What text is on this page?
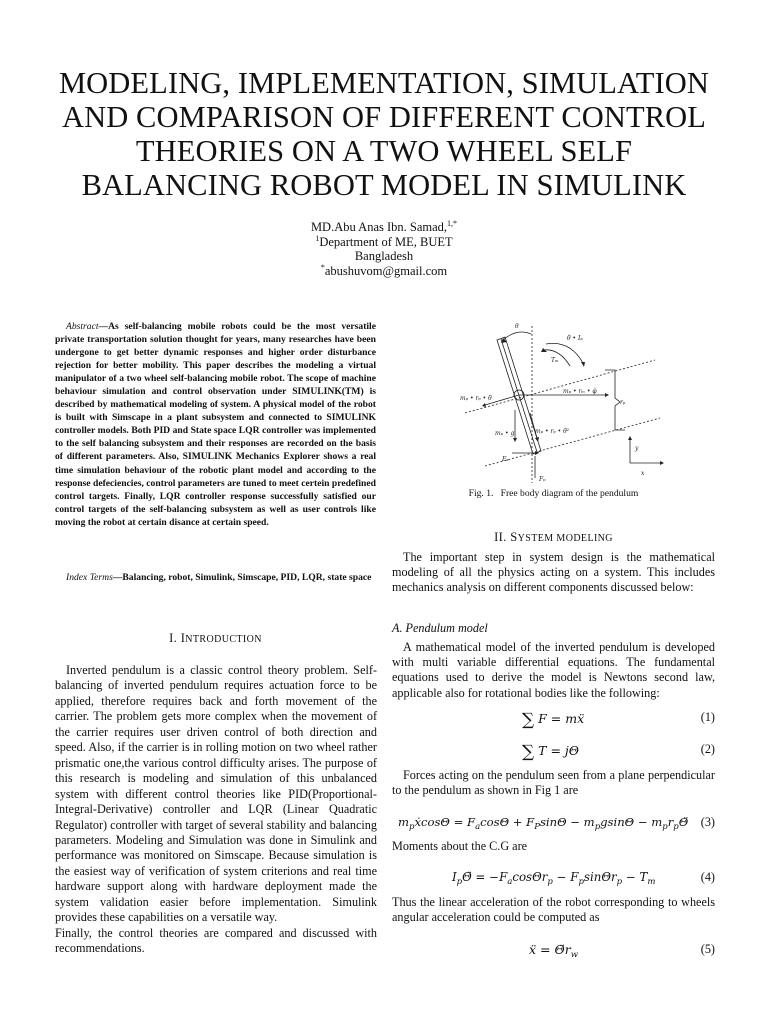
MODELING, IMPLEMENTATION, SIMULATION
AND COMPARISON OF DIFFERENT CONTROL
THEORIES ON A TWO WHEEL SELF
BALANCING ROBOT MODEL IN SIMULINK
MD.Abu Anas Ibn. Samad,$^{1,*}$
$^1$Department of ME, BUET
Bangladesh
*abushuvom@gmail.com
Abstract—As self-balancing mobile robots could be the most versatile private transportation solution thought for years, many researches have been undergone to get better dynamic responses and higher order disturbance rejection for better mobility. This paper describes the modeling a virtual manipulator of a two wheel self-balancing mobile robot. The scope of machine behaviour simulation and control observation under SIMULINK(TM) is described by mathematical modeling of system. A physical model of the robot is built with Simscape in a plant subsystem and connected to SIMULINK controller models. Both PID and State space LQR controller was implemented to the self balancing subsystem and their responses are recorded on the basis of different parameters. Also, SIMULINK Mechanics Explorer shows a real time simulation behaviour of the robotic plant model and according to the response defeciencies, control parameters are tuned to meet certein predefined control targets. Finally, LQR controller response successfully satisfied our control targets of the self-balancing subsystem as well as user controls like moving the robot at certain disance at certain speed.
Index Terms—Balancing, robot, Simulink, Simscape, PID, LQR, state space
I. INTRODUCTION
Inverted pendulum is a classic control theory problem. Self-balancing of inverted pendulum requires actuation force to be applied, therefore requires back and forth movement of the carrier. The problem gets more complex when the movement of the carrier requires user driven control of both direction and speed. Also, if the carrier is in rolling motion on two wheel rather prismatic one,the various control difficulty arises. The purpose of this research is modeling and simulation of this unbalanced system with different control theories like PID(Proportional-Integral-Derivative) controller and LQR (Linear Quadratic Regulator) controller with target of several stability and balancing parameters. Modeling and Simulation was done in Simulink and performance was monitored on Simscape. Because simulation is the easiest way of verification of system criterions and real time hardware support along with hardware deployment made the system validation easier before implementation. Simulink provides these capabilities on a versatile way.
Finally, the control theories are compared and discussed with recommendations.
θ
θ̈ • Iₚ
Tₘ
mₚ • rₘ • φ̈
mₚ • rₚ • θ̈
rₚ
mₚ • g	mₚ • rₚ • θ̇²
Fₐ
Fₚ
y
x
Fig. 1.   Free body diagram of the pendulum
II. SYSTEM MODELING
The important step in system design is the mathematical modeling of all the physics acting on a system. This includes mechanics analysis on different components discussed below:
A. Pendulum model
A mathematical model of the inverted pendulum is developed with multi variable differential equations. The fundamental equations used to derive the model is Newtons second law, applicable also for rotational bodies like the following:
∑ F = mẍ	(1)
∑ T = jΘ	(2)
Forces acting on the pendulum seen from a plane perpendicular to the pendulum as shown in Fig 1 are
$m_pẋ\cos\Theta = F_a\cos\Theta + F_P\sin\Theta - m_pgsin\Theta$ − $m_pr_p\Thetä$ (3)
Moments about the C.G are
$I_p\Thetä = -F_a\cos\Theta r_p - F_p\sin\Theta r_p - T_m$	(4)
Thus the linear acceleration of the robot corresponding to wheels angular acceleration could be computed as
ẍ = $\Thetär_w$	(5)
